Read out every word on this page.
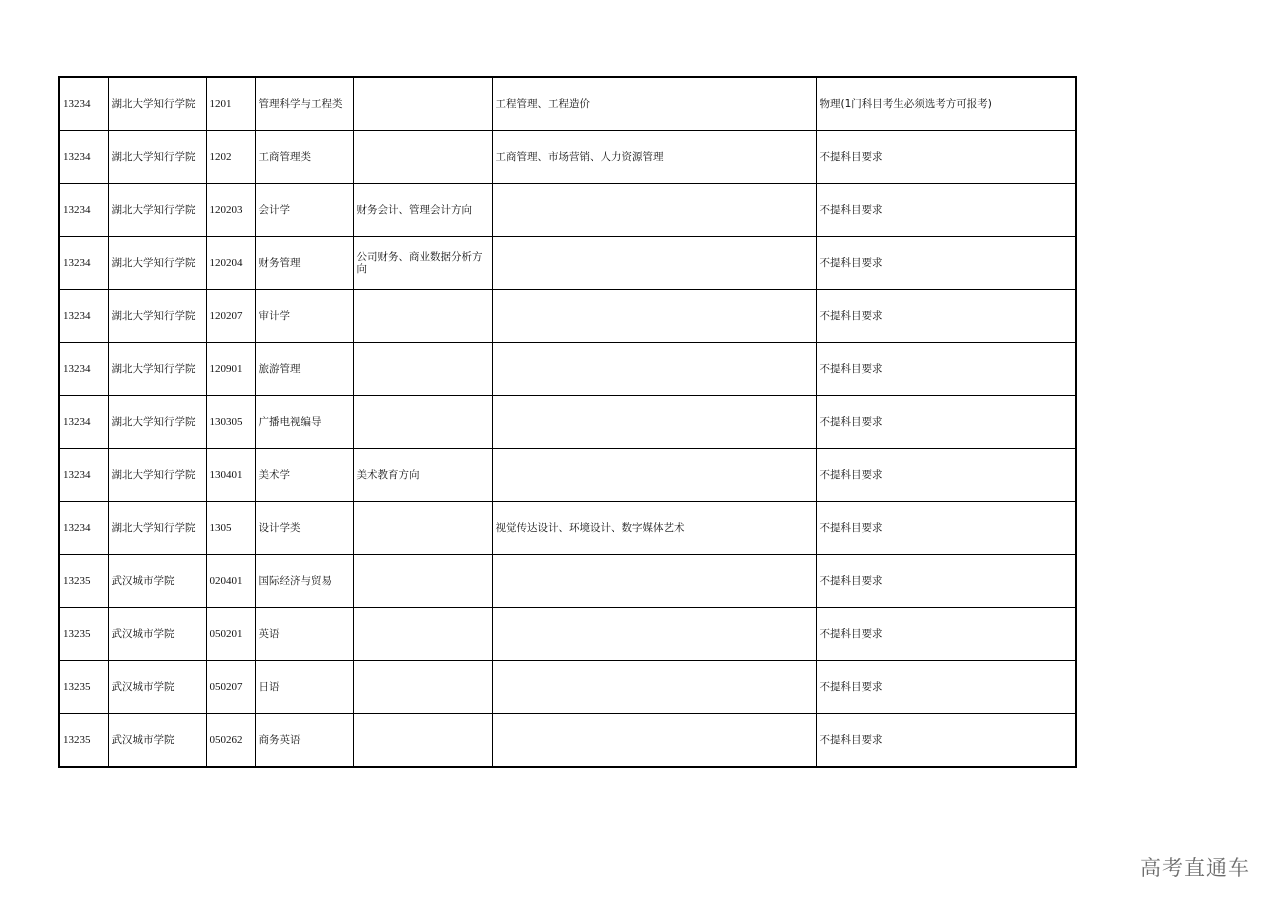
13234	湖北大学知行学院	1201	管理科学与工程类		工程管理、工程造价	物理(1门科目考生必须选考方可报考)
13234	湖北大学知行学院	1202	工商管理类		工商管理、市场营销、人力资源管理	不提科目要求
13234	湖北大学知行学院	120203	会计学	财务会计、管理会计方向		不提科目要求
13234	湖北大学知行学院	120204	财务管理	公司财务、商业数据分析方向		不提科目要求
13234	湖北大学知行学院	120207	审计学			不提科目要求
13234	湖北大学知行学院	120901	旅游管理			不提科目要求
13234	湖北大学知行学院	130305	广播电视编导			不提科目要求
13234	湖北大学知行学院	130401	美术学	美术教育方向		不提科目要求
13234	湖北大学知行学院	1305	设计学类		视觉传达设计、环境设计、数字媒体艺术	不提科目要求
13235	武汉城市学院	020401	国际经济与贸易			不提科目要求
13235	武汉城市学院	050201	英语			不提科目要求
13235	武汉城市学院	050207	日语			不提科目要求
13235	武汉城市学院	050262	商务英语			不提科目要求
高考直通车
